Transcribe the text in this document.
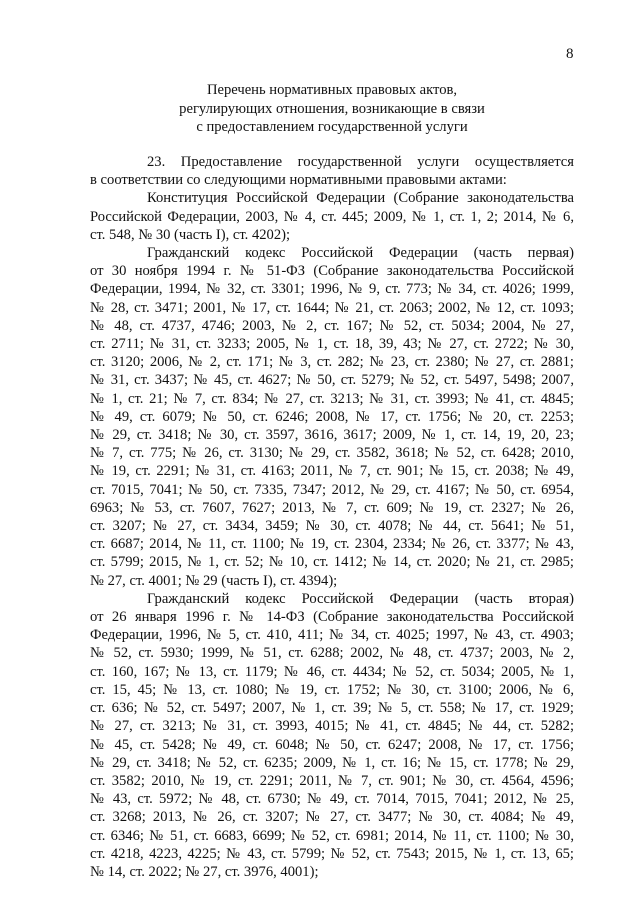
8
Перечень нормативных правовых актов,
регулирующих отношения, возникающие в связи
с предоставлением государственной услуги

23. Предоставление государственной услуги осуществляется
в соответствии со следующими нормативными правовыми актами:

Конституция Российской Федерации (Собрание законодательства
Российской Федерации, 2003, № 4, ст. 445; 2009, № 1, ст. 1, 2; 2014, № 6,
ст. 548, № 30 (часть I), ст. 4202);

Гражданский кодекс Российской Федерации (часть первая)
от 30 ноября 1994 г. № 51-ФЗ (Собрание законодательства Российской
Федерации, 1994, № 32, ст. 3301; 1996, № 9, ст. 773; № 34, ст. 4026; 1999,
№ 28, ст. 3471; 2001, № 17, ст. 1644; № 21, ст. 2063; 2002, № 12, ст. 1093;
№ 48, ст. 4737, 4746; 2003, № 2, ст. 167; № 52, ст. 5034; 2004, № 27,
ст. 2711; № 31, ст. 3233; 2005, № 1, ст. 18, 39, 43; № 27, ст. 2722; № 30,
ст. 3120; 2006, № 2, ст. 171; № 3, ст. 282; № 23, ст. 2380; № 27, ст. 2881;
№ 31, ст. 3437; № 45, ст. 4627; № 50, ст. 5279; № 52, ст. 5497, 5498; 2007,
№ 1, ст. 21; № 7, ст. 834; № 27, ст. 3213; № 31, ст. 3993; № 41, ст. 4845;
№ 49, ст. 6079; № 50, ст. 6246; 2008, № 17, ст. 1756; № 20, ст. 2253;
№ 29, ст. 3418; № 30, ст. 3597, 3616, 3617; 2009, № 1, ст. 14, 19, 20, 23;
№ 7, ст. 775; № 26, ст. 3130; № 29, ст. 3582, 3618; № 52, ст. 6428; 2010,
№ 19, ст. 2291; № 31, ст. 4163; 2011, № 7, ст. 901; № 15, ст. 2038; № 49,
ст. 7015, 7041; № 50, ст. 7335, 7347; 2012, № 29, ст. 4167; № 50, ст. 6954,
6963; № 53, ст. 7607, 7627; 2013, № 7, ст. 609; № 19, ст. 2327; № 26,
ст. 3207; № 27, ст. 3434, 3459; № 30, ст. 4078; № 44, ст. 5641; № 51,
ст. 6687; 2014, № 11, ст. 1100; № 19, ст. 2304, 2334; № 26, ст. 3377; № 43,
ст. 5799; 2015, № 1, ст. 52; № 10, ст. 1412; № 14, ст. 2020; № 21, ст. 2985;
№ 27, ст. 4001; № 29 (часть I), ст. 4394);

Гражданский кодекс Российской Федерации (часть вторая)
от 26 января 1996 г. № 14-ФЗ (Собрание законодательства Российской
Федерации, 1996, № 5, ст. 410, 411; № 34, ст. 4025; 1997, № 43, ст. 4903;
№ 52, ст. 5930; 1999, № 51, ст. 6288; 2002, № 48, ст. 4737; 2003, № 2,
ст. 160, 167; № 13, ст. 1179; № 46, ст. 4434; № 52, ст. 5034; 2005, № 1,
ст. 15, 45; № 13, ст. 1080; № 19, ст. 1752; № 30, ст. 3100; 2006, № 6,
ст. 636; № 52, ст. 5497; 2007, № 1, ст. 39; № 5, ст. 558; № 17, ст. 1929;
№ 27, ст. 3213; № 31, ст. 3993, 4015; № 41, ст. 4845; № 44, ст. 5282;
№ 45, ст. 5428; № 49, ст. 6048; № 50, ст. 6247; 2008, № 17, ст. 1756;
№ 29, ст. 3418; № 52, ст. 6235; 2009, № 1, ст. 16; № 15, ст. 1778; № 29,
ст. 3582; 2010, № 19, ст. 2291; 2011, № 7, ст. 901; № 30, ст. 4564, 4596;
№ 43, ст. 5972; № 48, ст. 6730; № 49, ст. 7014, 7015, 7041; 2012, № 25,
ст. 3268; 2013, № 26, ст. 3207; № 27, ст. 3477; № 30, ст. 4084; № 49,
ст. 6346; № 51, ст. 6683, 6699; № 52, ст. 6981; 2014, № 11, ст. 1100; № 30,
ст. 4218, 4223, 4225; № 43, ст. 5799; № 52, ст. 7543; 2015, № 1, ст. 13, 65;
№ 14, ст. 2022; № 27, ст. 3976, 4001);
